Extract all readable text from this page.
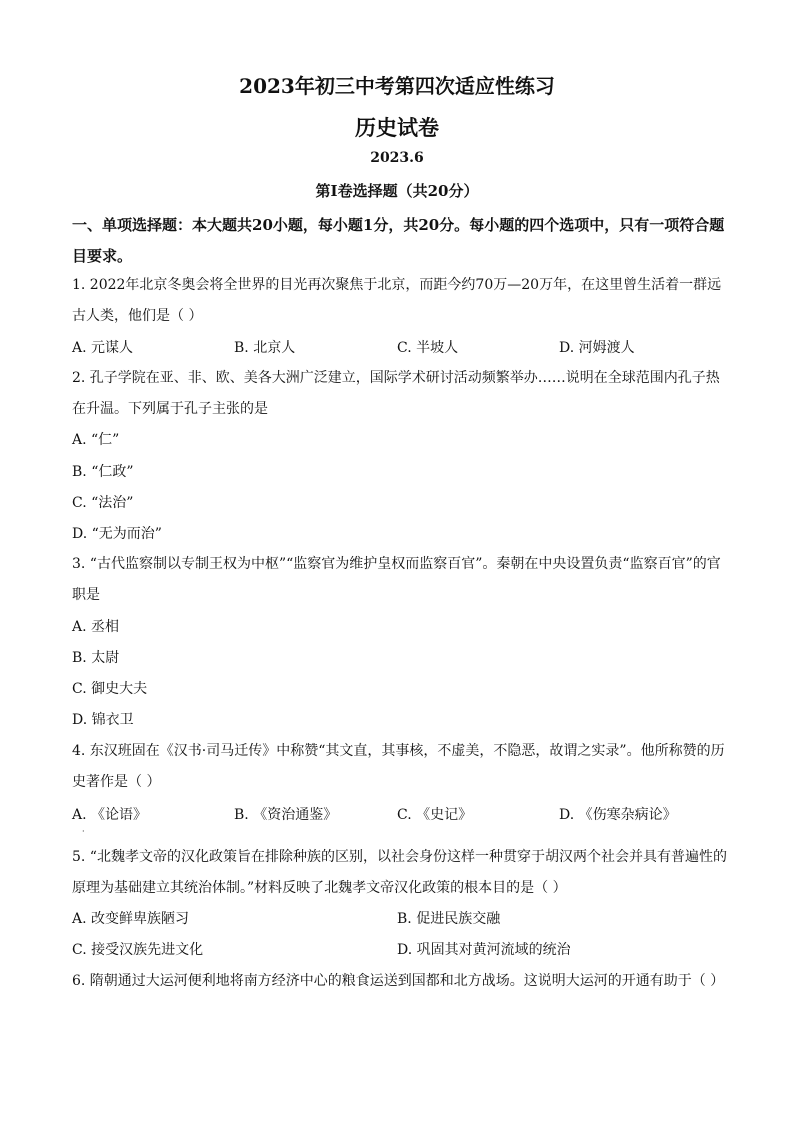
2023年初三中考第四次适应性练习
历史试卷
2023.6
第Ⅰ卷选择题（共20分）
一、单项选择题：本大题共20小题，每小题1分，共20分。每小题的四个选项中，只有一项符合题目要求。
1. 2022年北京冬奥会将全世界的目光再次聚焦于北京，而距今约70万—20万年，在这里曾生活着一群远古人类，他们是（ ）
A. 元谋人	B. 北京人	C. 半坡人	D. 河姆渡人
2. 孔子学院在亚、非、欧、美各大洲广泛建立，国际学术研讨活动频繁举办……说明在全球范围内孔子热在升温。下列属于孔子主张的是
A. “仁”
B. “仁政”
C. “法治”
D. “无为而治”
3. “古代监察制以专制王权为中枢”“监察官为维护皇权而监察百官”。秦朝在中央设置负责“监察百官”的官职是
A. 丞相
B. 太尉
C. 御史大夫
D. 锦衣卫
4. 东汉班固在《汉书·司马迁传》中称赞“其文直，其事核，不虚美，不隐恶，故谓之实录”。他所称赞的历史著作是（ ）
A. 《论语》	B. 《资治通鉴》	C. 《史记》	D. 《伤寒杂病论》
·
5. “北魏孝文帝的汉化政策旨在排除种族的区别，以社会身份这样一种贯穿于胡汉两个社会并具有普遍性的原理为基础建立其统治体制。”材料反映了北魏孝文帝汉化政策的根本目的是（ ）
A. 改变鲜卑族陋习	B. 促进民族交融
C. 接受汉族先进文化	D. 巩固其对黄河流域的统治
6. 隋朝通过大运河便利地将南方经济中心的粮食运送到国都和北方战场。这说明大运河的开通有助于（ ）
